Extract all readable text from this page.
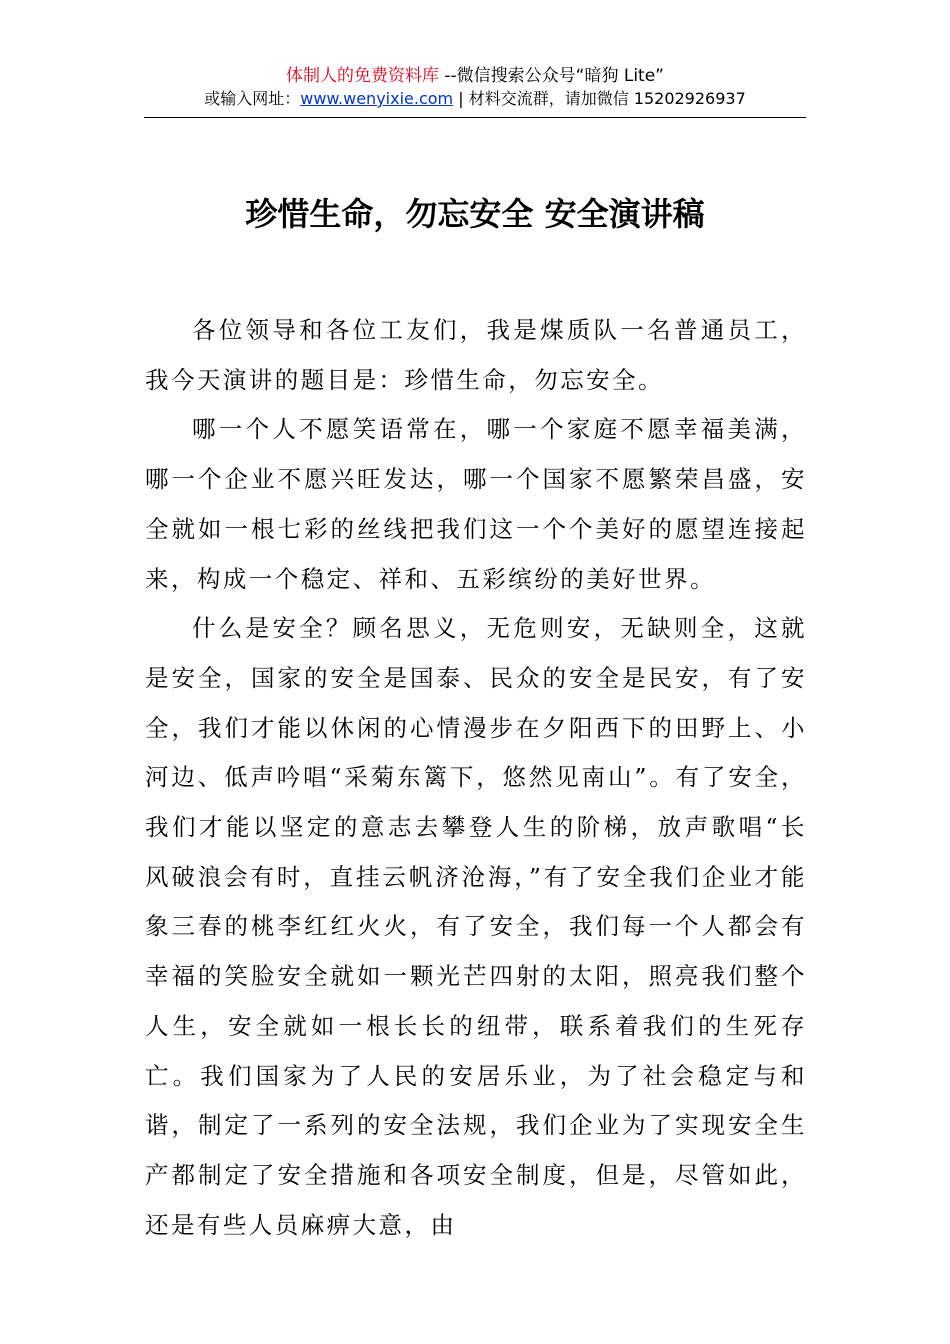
体制人的免费资料库 --微信搜索公众号“暗狗 Lite”
或输入网址：www.wenyixie.com | 材料交流群，请加微信 15202926937
珍惜生命，勿忘安全 安全演讲稿

各位领导和各位工友们，我是煤质队一名普通员工，我今天演讲的题目是：珍惜生命，勿忘安全。

哪一个人不愿笑语常在，哪一个家庭不愿幸福美满，哪一个企业不愿兴旺发达，哪一个国家不愿繁荣昌盛，安全就如一根七彩的丝线把我们这一个个美好的愿望连接起来，构成一个稳定、祥和、五彩缤纷的美好世界。

什么是安全？顾名思义，无危则安，无缺则全，这就是安全，国家的安全是国泰、民众的安全是民安，有了安全，我们才能以休闲的心情漫步在夕阳西下的田野上、小河边、低声吟唱“采菊东篱下，悠然见南山”。有了安全，我们才能以坚定的意志去攀登人生的阶梯，放声歌唱“长风破浪会有时，直挂云帆济沧海，”有了安全我们企业才能象三春的桃李红红火火，有了安全，我们每一个人都会有幸福的笑脸安全就如一颗光芒四射的太阳，照亮我们整个人生，安全就如一根长长的纽带，联系着我们的生死存亡。我们国家为了人民的安居乐业，为了社会稳定与和谐，制定了一系列的安全法规，我们企业为了实现安全生产都制定了安全措施和各项安全制度，但是，尽管如此，还是有些人员麻痹大意，由
